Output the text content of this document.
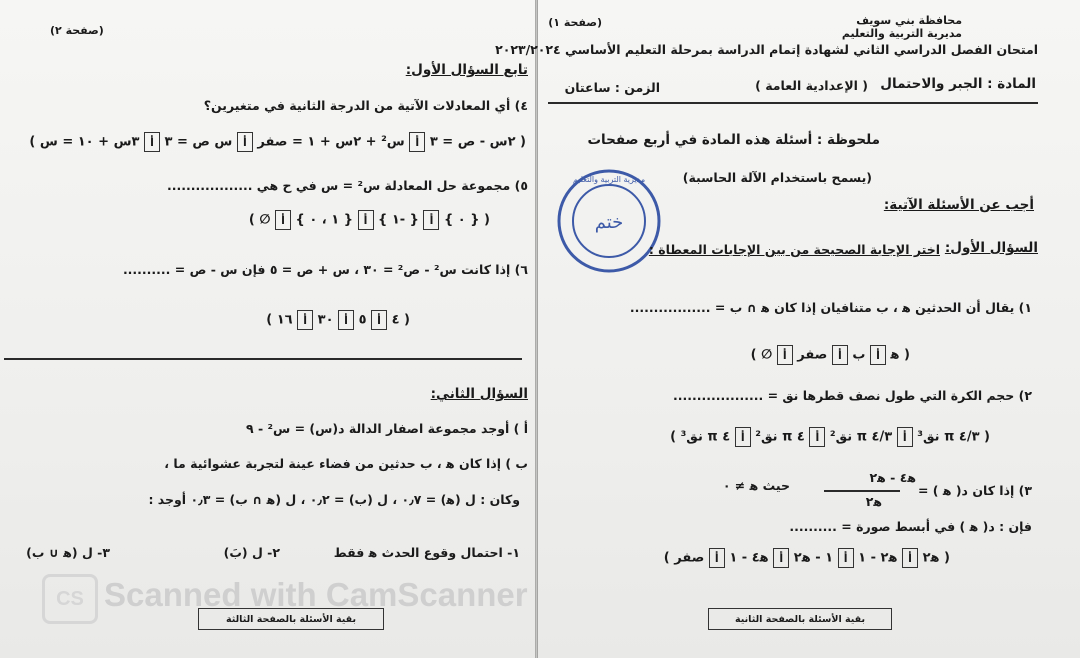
محافظة بني سويف
مديرية التربية والتعليم
(صفحة ١)
امتحان الفصل الدراسي الثاني لشهادة إتمام الدراسة بمرحلة التعليم الأساسي ٢٠٢٣/٢٠٢٤
المادة : الجبر والاحتمال
( الإعدادية العامة )
الزمن : ساعتان
ملحوظة : أسئلة هذه المادة في أربع صفحات
(يسمح باستخدام الآلة الحاسبة)
أجب عن الأسئلة الآتية:
ختم
مديرية التربية والتعليم
السؤال الأول:
اختر الإجابة الصحيحة من بين الإجابات المعطاة :
١) يقال أن الحدثين ﻫ ، ب متنافيان إذا كان ﻫ ∩ ب = .................
( ﻫ أ ب أ صفر أ ∅ )
٢) حجم الكرة التي طول نصف قطرها نق = ...................
( ٤/٣ π نق³ أ ٤/٣ π نق² أ ٤ π نق² أ ٤ π نق³ )
٣) إذا كان د( ﻫ ) =
ﻫ٤ - ﻫ٢
ﻫ٢
حيث ﻫ ≠ ٠
فإن : د( ﻫ ) في أبسط صورة = ..........
( ﻫ٢ أ ﻫ٢ - ١ أ ١ - ﻫ٢ أ ﻫ٤ - ١ أ صفر )
بقية الأسئلة بالصفحة الثانية
(صفحة ٢)
تابع السؤال الأول:
٤) أي المعادلات الآتية من الدرجة الثانية في متغيرين؟
( ٢س - ص = ٣ أ س² + ٢س + ١ = صفر أ س ص = ٣ أ ٣س + ١٠ = س )
٥) مجموعة حل المعادلة س² = س في ح هي ..................
( { ٠ } أ { -١ } أ { ١ ، ٠ } أ ∅ )
٦) إذا كانت س² - ص² = ٣٠ ، س + ص = ٥ فإن س - ص = ..........
( ٤ أ ٥ أ ٣٠ أ ١٦ )
السؤال الثاني:
أ ) أوجد مجموعة اصفار الدالة د(س) = س² - ٩
ب ) إذا كان ﻫ ، ب حدثين من فضاء عينة لتجربة عشوائية ما ،
وكان : ل (ﻫ) = ٠٫٧ ، ل (ب) = ٠٫٢ ، ل (ﻫ ∩ ب) = ٠٫٣ أوجد :
١- احتمال وقوع الحدث ﻫ فقط
٢- ل (بَ)
٣- ل (ﻫ ∪ ب)
بقية الأسئلة بالصفحة الثالثة
CS Scanned with CamScanner
